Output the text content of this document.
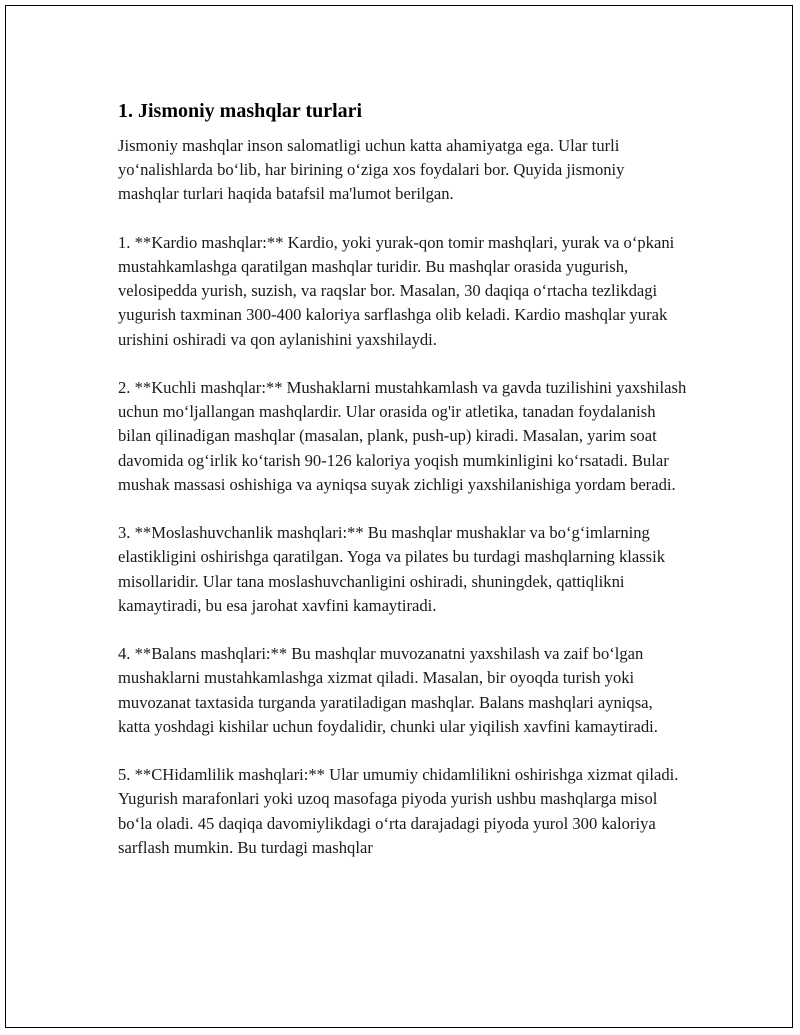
1. Jismoniy mashqlar turlari

Jismoniy mashqlar inson salomatligi uchun katta ahamiyatga ega. Ular turli yo‘nalishlarda bo‘lib, har birining o‘ziga xos foydalari bor. Quyida jismoniy mashqlar turlari haqida batafsil ma'lumot berilgan.

1. **Kardio mashqlar:** Kardio, yoki yurak-qon tomir mashqlari, yurak va o‘pkani mustahkamlashga qaratilgan mashqlar turidir. Bu mashqlar orasida yugurish, velosipedda yurish, suzish, va raqslar bor. Masalan, 30 daqiqa o‘rtacha tezlikdagi yugurish taxminan 300-400 kaloriya sarflashga olib keladi. Kardio mashqlar yurak urishini oshiradi va qon aylanishini yaxshilaydi.

2. **Kuchli mashqlar:** Mushaklarni mustahkamlash va gavda tuzilishini yaxshilash uchun mo‘ljallangan mashqlardir. Ular orasida og'ir atletika, tanadan foydalanish bilan qilinadigan mashqlar (masalan, plank, push-up) kiradi. Masalan, yarim soat davomida og‘irlik ko‘tarish 90-126 kaloriya yoqish mumkinligini ko‘rsatadi. Bular mushak massasi oshishiga va ayniqsa suyak zichligi yaxshilanishiga yordam beradi.

3. **Moslashuvchanlik mashqlari:** Bu mashqlar mushaklar va bo‘g‘imlarning elastikligini oshirishga qaratilgan. Yoga va pilates bu turdagi mashqlarning klassik misollaridir. Ular tana moslashuvchanligini oshiradi, shuningdek, qattiqlikni kamaytiradi, bu esa jarohat xavfini kamaytiradi.

4. **Balans mashqlari:** Bu mashqlar muvozanatni yaxshilash va zaif bo‘lgan mushaklarni mustahkamlashga xizmat qiladi. Masalan, bir oyoqda turish yoki muvozanat taxtasida turganda yaratiladigan mashqlar. Balans mashqlari ayniqsa, katta yoshdagi kishilar uchun foydalidir, chunki ular yiqilish xavfini kamaytiradi.

5. **CHidamlilik mashqlari:** Ular umumiy chidamlilikni oshirishga xizmat qiladi. Yugurish marafonlari yoki uzoq masofaga piyoda yurish ushbu mashqlarga misol bo‘la oladi. 45 daqiqa davomiylikdagi o‘rta darajadagi piyoda yurol 300 kaloriya sarflash mumkin. Bu turdagi mashqlar
